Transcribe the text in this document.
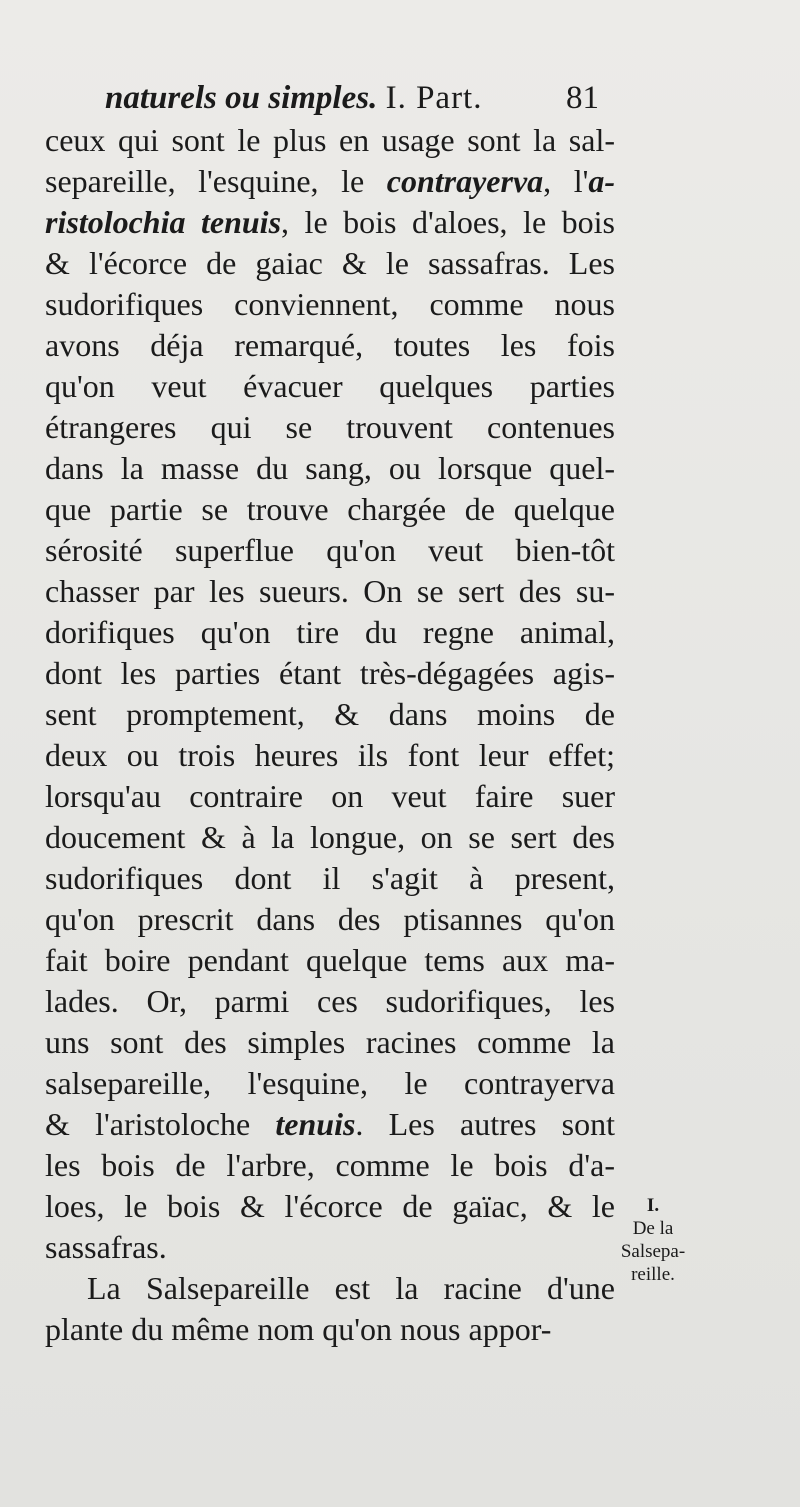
naturels ou simples. I. Part.	81
ceux qui sont le plus en usage sont la sal-
separeille, l'esquine, le contrayerva, l'a-
ristolochia tenuis, le bois d'aloes, le bois
& l'écorce de gaiac & le sassafras. Les
sudorifiques conviennent, comme nous
avons déja remarqué, toutes les fois
qu'on veut évacuer quelques parties
étrangeres qui se trouvent contenues
dans la masse du sang, ou lorsque quel-
que partie se trouve chargée de quelque
sérosité superflue qu'on veut bien-tôt
chasser par les sueurs. On se sert des su-
dorifiques qu'on tire du regne animal,
dont les parties étant très-dégagées agis-
sent promptement, & dans moins de
deux ou trois heures ils font leur effet;
lorsqu'au contraire on veut faire suer
doucement & à la longue, on se sert des
sudorifiques dont il s'agit à present,
qu'on prescrit dans des ptisannes qu'on
fait boire pendant quelque tems aux ma-
lades. Or, parmi ces sudorifiques, les
uns sont des simples racines comme la
salsepareille, l'esquine, le contrayerva
& l'aristoloche tenuis. Les autres sont
les bois de l'arbre, comme le bois d'a-
loes, le bois & l'écorce de gaïac, & le
sassafras.
La Salsepareille est la racine d'une
plante du même nom qu'on nous appor-
I.
De la
Salsepa-
reille.
